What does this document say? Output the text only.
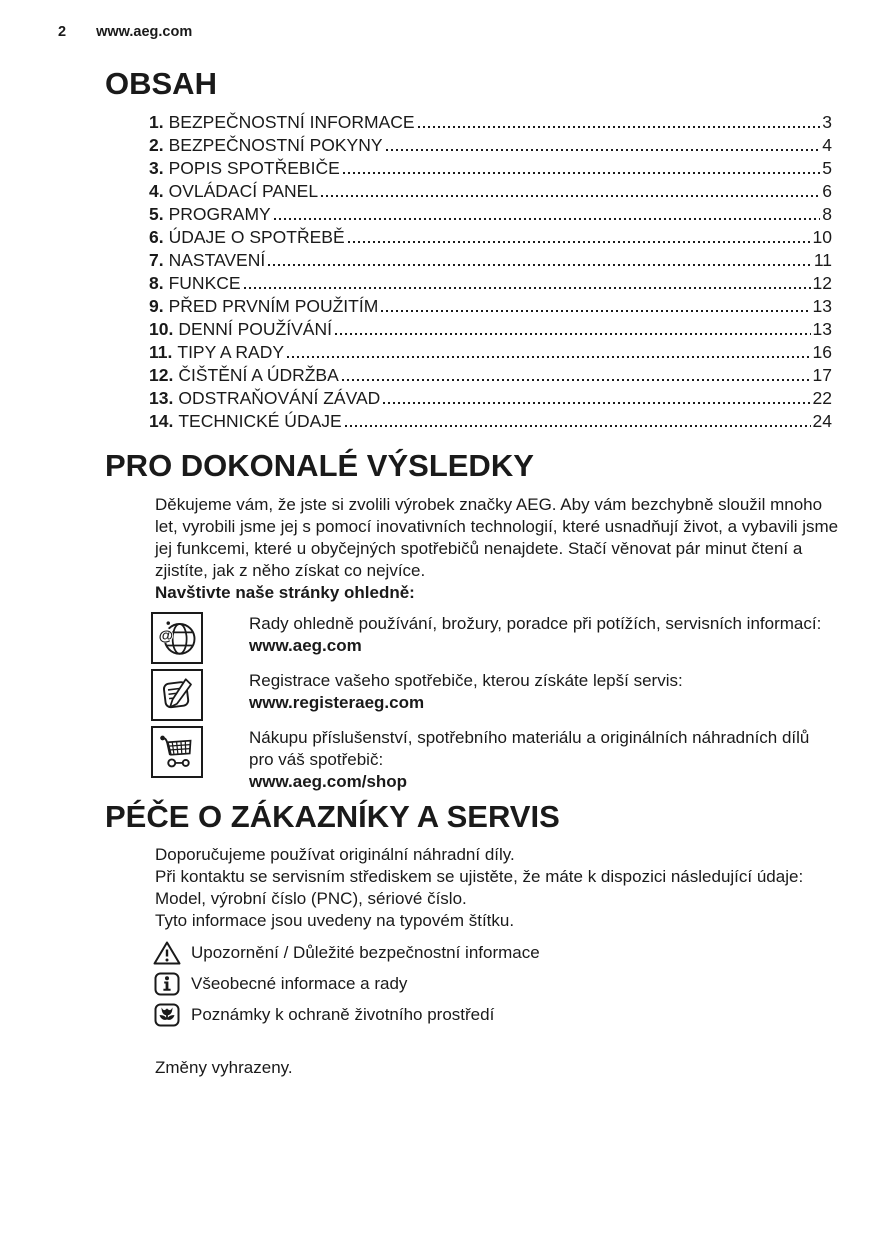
2 www.aeg.com
OBSAH
1. BEZPEČNOSTNÍ INFORMACE	3
2. BEZPEČNOSTNÍ POKYNY	4
3. POPIS SPOTŘEBIČE	5
4. OVLÁDACÍ PANEL	6
5. PROGRAMY	8
6. ÚDAJE O SPOTŘEBĚ	10
7. NASTAVENÍ	11
8. FUNKCE	12
9. PŘED PRVNÍM POUŽITÍM	13
10. DENNÍ POUŽÍVÁNÍ	13
11. TIPY A RADY	16
12. ČIŠTĚNÍ A ÚDRŽBA	17
13. ODSTRAŇOVÁNÍ ZÁVAD	22
14. TECHNICKÉ ÚDAJE	24
PRO DOKONALÉ VÝSLEDKY
Děkujeme vám, že jste si zvolili výrobek značky AEG. Aby vám bezchybně sloužil mnoho let, vyrobili jsme jej s pomocí inovativních technologií, které usnadňují život, a vybavili jsme jej funkcemi, které u obyčejných spotřebičů nenajdete. Stačí věnovat pár minut čtení a zjistíte, jak z něho získat co nejvíce.
Navštivte naše stránky ohledně:
@
Rady ohledně používání, brožury, poradce při potížích, servisních informací:
www.aeg.com
Registrace vašeho spotřebiče, kterou získáte lepší servis:
www.registeraeg.com
Nákupu příslušenství, spotřebního materiálu a originálních náhradních dílů pro váš spotřebič:
www.aeg.com/shop
PÉČE O ZÁKAZNÍKY A SERVIS
Doporučujeme používat originální náhradní díly.
Při kontaktu se servisním střediskem se ujistěte, že máte k dispozici následující údaje: Model, výrobní číslo (PNC), sériové číslo.
Tyto informace jsou uvedeny na typovém štítku.
Upozornění / Důležité bezpečnostní informace
Všeobecné informace a rady
Poznámky k ochraně životního prostředí
Změny vyhrazeny.
